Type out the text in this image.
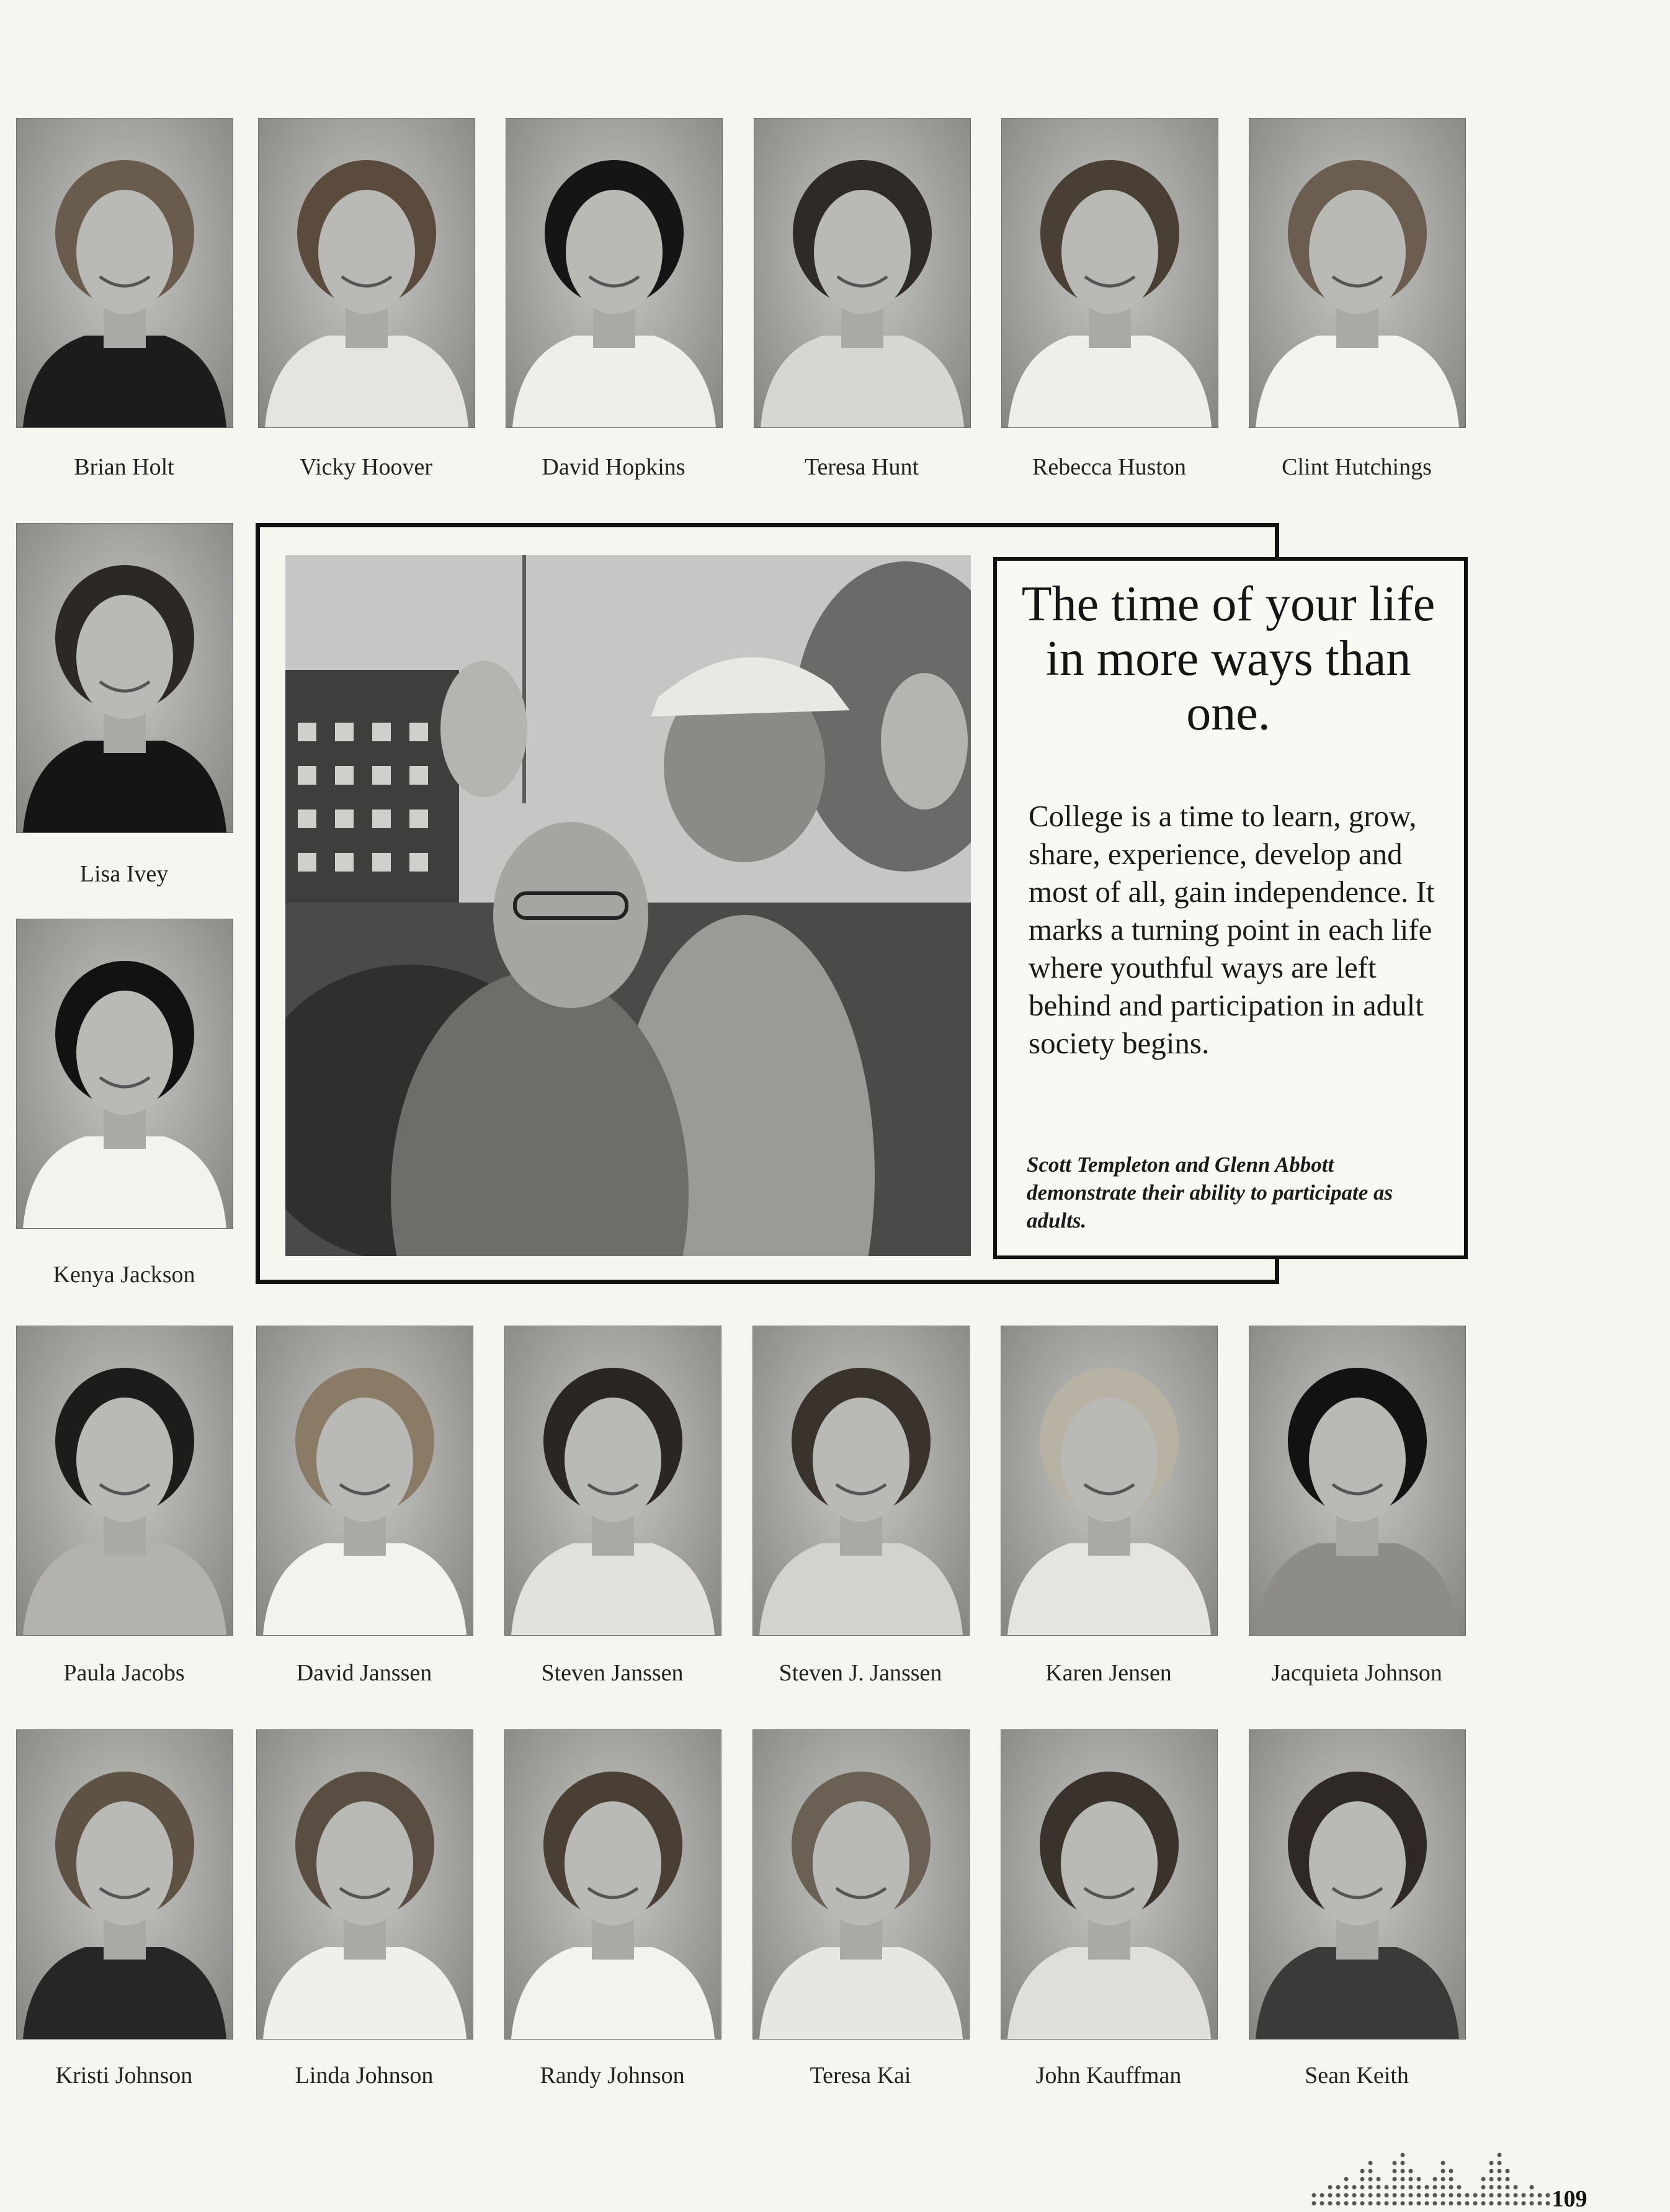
Brian Holt	Vicky Hoover	David Hopkins	Teresa Hunt	Rebecca Huston	Clint Hutchings
Lisa Ivey
Kenya Jackson
Paula Jacobs	David Janssen	Steven Janssen	Steven J. Janssen	Karen Jensen	Jacquieta Johnson
Kristi Johnson	Linda Johnson	Randy Johnson	Teresa Kai	John Kauffman	Sean Keith
The time of your life in more ways than one.
College is a time to learn, grow, share, experience, develop and most of all, gain independence. It marks a turning point in each life where youthful ways are left behind and participation in adult society begins.
Scott Templeton and Glenn Abbott demonstrate their ability to participate as adults.
109
